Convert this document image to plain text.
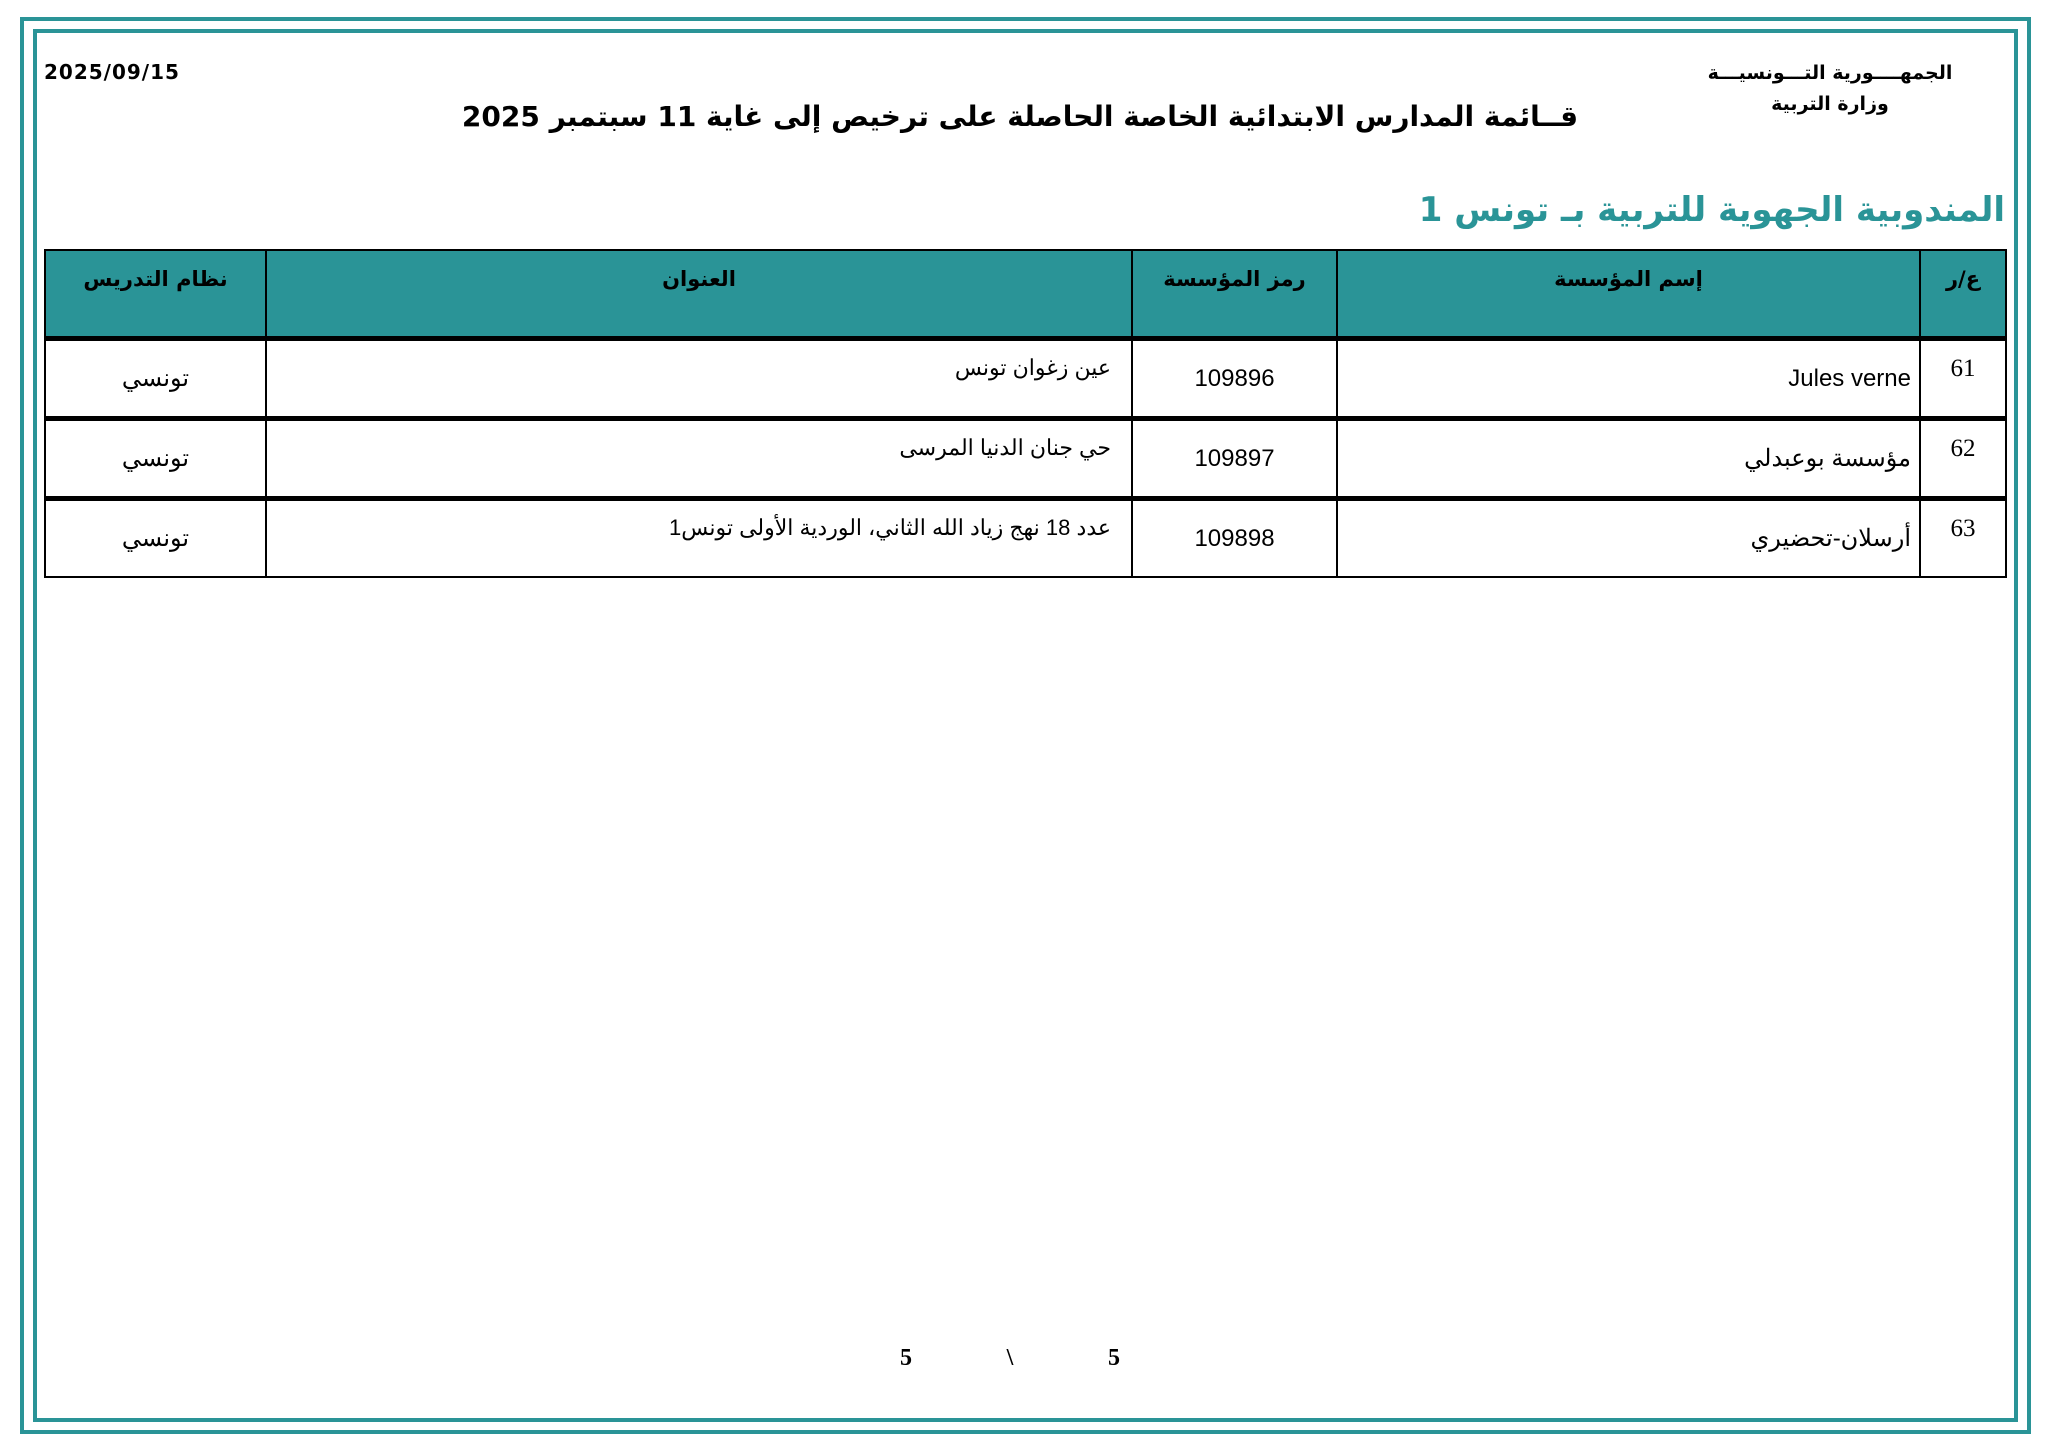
2025/09/15	الجمهــــورية التـــونسيـــة
وزارة التربية
قــائمة المدارس الابتدائية الخاصة الحاصلة على ترخيص إلى غاية 11 سبتمبر 2025
المندوبية الجهوية للتربية بـ تونس 1
ع/ر	إسم المؤسسة	رمز المؤسسة	العنوان	نظام التدريس
61	Jules verne	109896	عين زغوان تونس	تونسي
62	مؤسسة بوعبدلي	109897	حي جنان الدنيا المرسى	تونسي
63	أرسلان-تحضيري	109898	عدد 18 نهج زياد الله الثاني، الوردية الأولى تونس1	تونسي
5
\
5
